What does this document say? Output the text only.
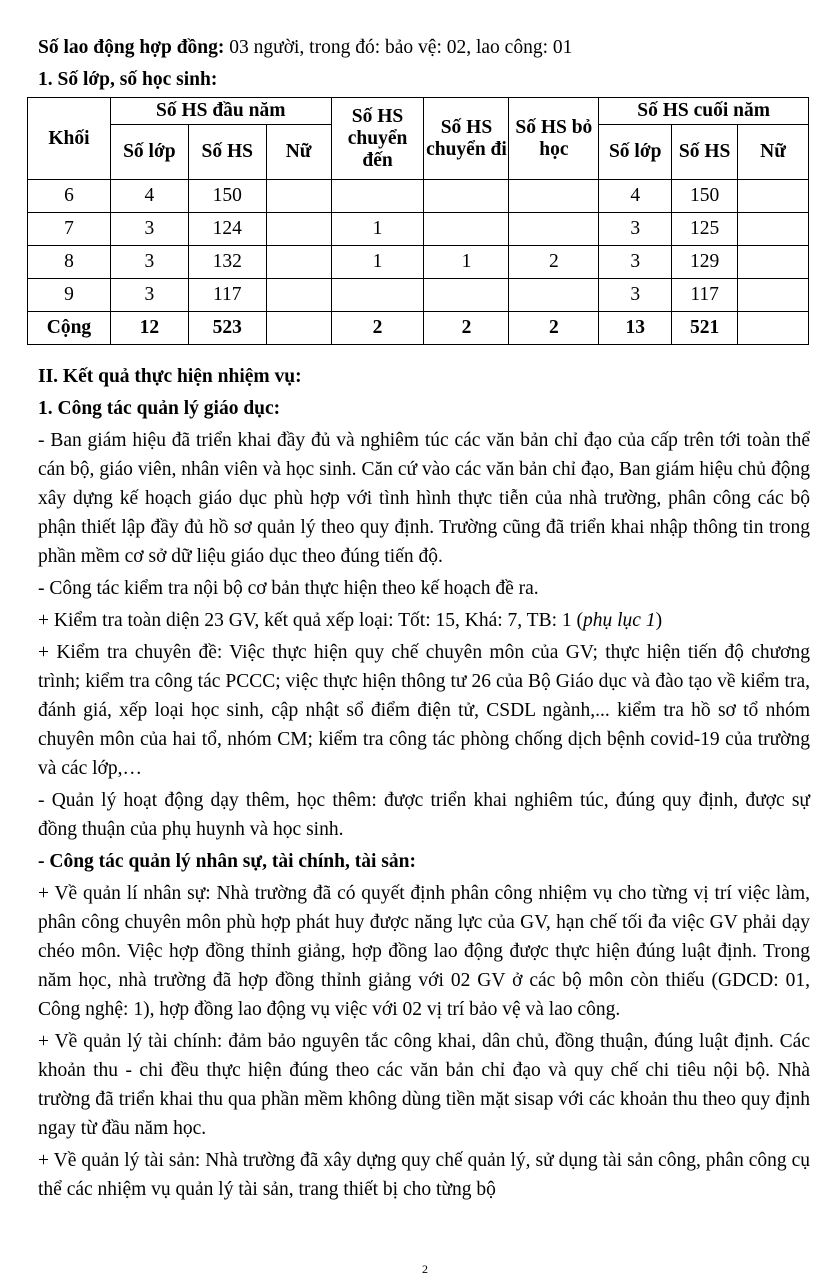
Số lao động hợp đồng: 03 người, trong đó: bảo vệ: 02, lao công: 01
1. Số lớp, số học sinh:
Khối	Số HS đầu năm			Số HS chuyển đến	Số HS chuyển đi	Số HS bỏ học	Số HS cuối năm		
	Số lớp	Số HS	Nữ				Số lớp	Số HS	Nữ
6	4	150					4	150	
7	3	124		1			3	125	
8	3	132		1	1	2	3	129	
9	3	117					3	117	
Cộng	12	523		2	2	2	13	521	
II. Kết quả thực hiện nhiệm vụ:
1. Công tác quản lý giáo dục:
- Ban giám hiệu đã triển khai đầy đủ và nghiêm túc các văn bản chỉ đạo của cấp trên tới toàn thể cán bộ, giáo viên, nhân viên và học sinh. Căn cứ vào các văn bản chỉ đạo, Ban giám hiệu chủ động xây dựng kế hoạch giáo dục phù hợp với tình hình thực tiễn của nhà trường, phân công các bộ phận thiết lập đầy đủ hồ sơ quản lý theo quy định. Trường cũng đã triển khai nhập thông tin trong phần mềm cơ sở dữ liệu giáo dục theo đúng tiến độ.
- Công tác kiểm tra nội bộ cơ bản thực hiện theo kế hoạch đề ra.
+ Kiểm tra toàn diện 23 GV, kết quả xếp loại: Tốt: 15, Khá: 7, TB: 1 (phụ lục 1)
+ Kiểm tra chuyên đề: Việc thực hiện quy chế chuyên môn của GV; thực hiện tiến độ chương trình; kiểm tra công tác PCCC; việc thực hiện thông tư 26 của Bộ Giáo dục và đào tạo về kiểm tra, đánh giá, xếp loại học sinh, cập nhật sổ điểm điện tử, CSDL ngành,... kiểm tra hồ sơ tổ nhóm chuyên môn của hai tổ, nhóm CM; kiểm tra công tác phòng chống dịch bệnh covid-19 của trường và các lớp,…
- Quản lý hoạt động dạy thêm, học thêm: được triển khai nghiêm túc, đúng quy định, được sự đồng thuận của phụ huynh và học sinh.
- Công tác quản lý nhân sự, tài chính, tài sản:
+ Về quản lí nhân sự: Nhà trường đã có quyết định phân công nhiệm vụ cho từng vị trí việc làm, phân công chuyên môn phù hợp phát huy được năng lực của GV, hạn chế tối đa việc GV phải dạy chéo môn. Việc hợp đồng thỉnh giảng, hợp đồng lao động được thực hiện đúng luật định. Trong năm học, nhà trường đã hợp đồng thỉnh giảng với 02 GV ở các bộ môn còn thiếu (GDCD: 01, Công nghệ: 1), hợp đồng lao động vụ việc với 02 vị trí bảo vệ và lao công.
+ Về quản lý tài chính: đảm bảo nguyên tắc công khai, dân chủ, đồng thuận, đúng luật định. Các khoản thu - chi đều thực hiện đúng theo các văn bản chỉ đạo và quy chế chi tiêu nội bộ. Nhà trường đã triển khai thu qua phần mềm không dùng tiền mặt sisap với các khoản thu theo quy định ngay từ đầu năm học.
+ Về quản lý tài sản: Nhà trường đã xây dựng quy chế quản lý, sử dụng tài sản công, phân công cụ thể các nhiệm vụ quản lý tài sản, trang thiết bị cho từng bộ
2
